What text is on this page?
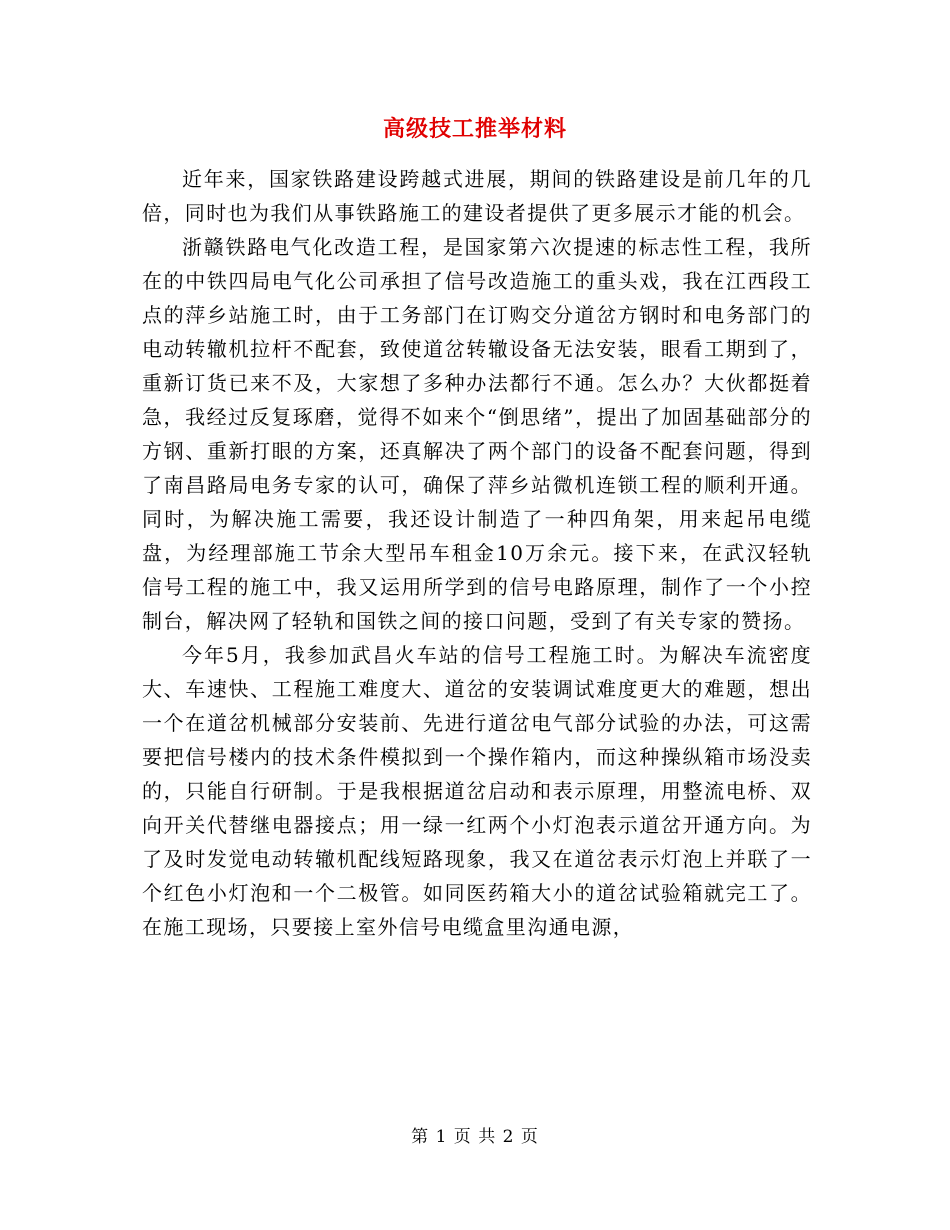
高级技工推举材料

近年来，国家铁路建设跨越式进展，期间的铁路建设是前几年的几倍，同时也为我们从事铁路施工的建设者提供了更多展示才能的机会。

浙赣铁路电气化改造工程，是国家第六次提速的标志性工程，我所在的中铁四局电气化公司承担了信号改造施工的重头戏，我在江西段工点的萍乡站施工时，由于工务部门在订购交分道岔方钢时和电务部门的电动转辙机拉杆不配套，致使道岔转辙设备无法安装，眼看工期到了，重新订货已来不及，大家想了多种办法都行不通。怎么办？大伙都挺着急，我经过反复琢磨，觉得不如来个“倒思绪”，提出了加固基础部分的方钢、重新打眼的方案，还真解决了两个部门的设备不配套问题，得到了南昌路局电务专家的认可，确保了萍乡站微机连锁工程的顺利开通。同时，为解决施工需要，我还设计制造了一种四角架，用来起吊电缆盘，为经理部施工节余大型吊车租金10万余元。接下来，在武汉轻轨信号工程的施工中，我又运用所学到的信号电路原理，制作了一个小控制台，解决网了轻轨和国铁之间的接口问题，受到了有关专家的赞扬。

今年5月，我参加武昌火车站的信号工程施工时。为解决车流密度大、车速快、工程施工难度大、道岔的安装调试难度更大的难题，想出一个在道岔机械部分安装前、先进行道岔电气部分试验的办法，可这需要把信号楼内的技术条件模拟到一个操作箱内，而这种操纵箱市场没卖的，只能自行研制。于是我根据道岔启动和表示原理，用整流电桥、双向开关代替继电器接点；用一绿一红两个小灯泡表示道岔开通方向。为了及时发觉电动转辙机配线短路现象，我又在道岔表示灯泡上并联了一个红色小灯泡和一个二极管。如同医药箱大小的道岔试验箱就完工了。在施工现场，只要接上室外信号电缆盒里沟通电源，

第 1 页 共 2 页
